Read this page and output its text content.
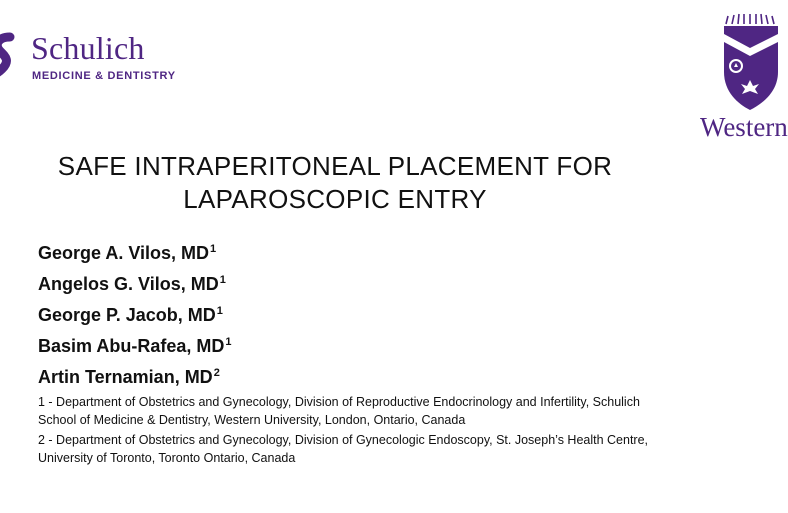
Schulich
MEDICINE & DENTISTRY
Western
SAFE INTRAPERITONEAL PLACEMENT FOR
LAPAROSCOPIC ENTRY
George A. Vilos, $MD^1$
Angelos G. Vilos, $MD^1$
George P. Jacob, $MD^1$
Basim Abu-Rafea, $MD^1$
Artin Ternamian, $MD^2$
1 - Department of Obstetrics and Gynecology, Division of Reproductive Endocrinology and Infertility, Schulich School of Medicine & Dentistry, Western University, London, Ontario, Canada
2 - Department of Obstetrics and Gynecology, Division of Gynecologic Endoscopy, St. Joseph’s Health Centre, University of Toronto, Toronto Ontario, Canada
